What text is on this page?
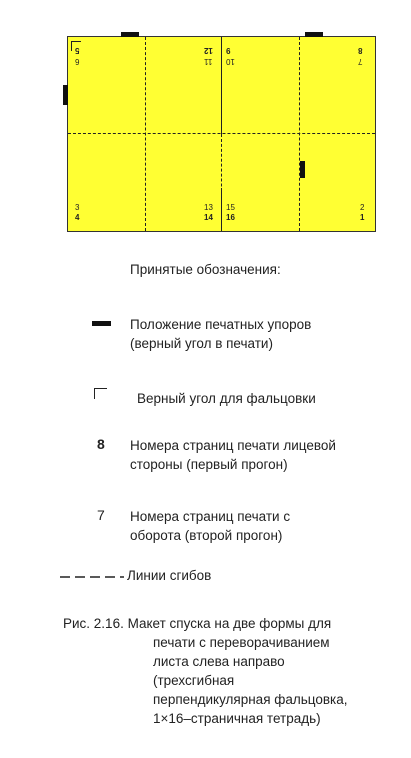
5
6
12
11
9
10
8
7
3
4
13
14
15
16
2
1
Принятые обозначения:
Положение печатных упоров
(верный угол в печати)
Верный угол для фальцовки
8 Номера страниц печати лицевой
стороны (первый прогон)
7 Номера страниц печати с
оборота (второй прогон)
Линии сгибов
Рис. 2.16. Макет спуска на две формы для
печати с переворачиванием
листа слева направо (трехсгибная
перпендикулярная фальцовка,
1×16–страничная тетрадь)
